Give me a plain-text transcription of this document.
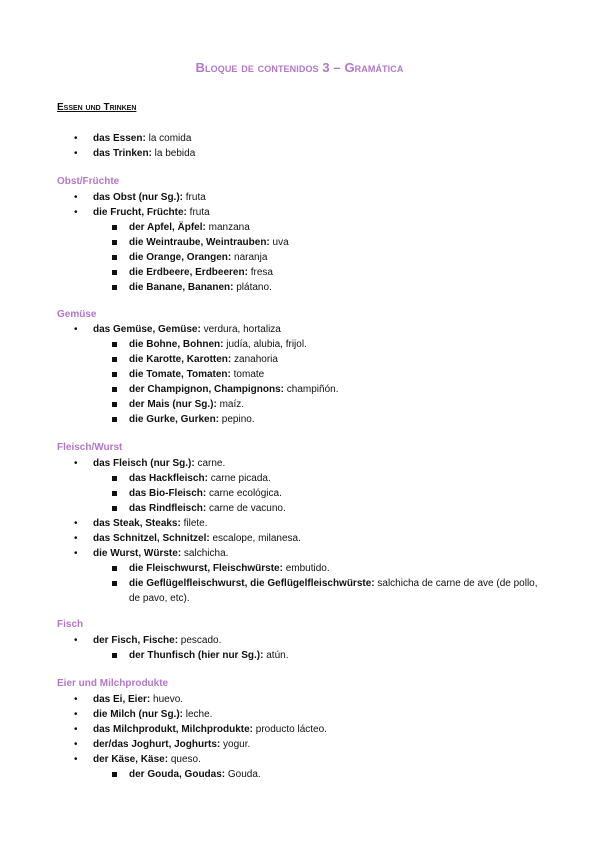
Bloque de contenidos 3 – Gramática
Essen und Trinken
• das Essen: la comida
• das Trinken: la bebida
Obst/Früchte
• das Obst (nur Sg.): fruta
• die Frucht, Früchte: fruta
der Apfel, Äpfel: manzana
die Weintraube, Weintrauben: uva
die Orange, Orangen: naranja
die Erdbeere, Erdbeeren: fresa
die Banane, Bananen: plátano.
Gemüse
• das Gemüse, Gemüse: verdura, hortaliza
die Bohne, Bohnen: judía, alubia, frijol.
die Karotte, Karotten: zanahoria
die Tomate, Tomaten: tomate
der Champignon, Champignons: champiñón.
der Mais (nur Sg.): maíz.
die Gurke, Gurken: pepino.
Fleisch/Wurst
• das Fleisch (nur Sg.): carne.
das Hackfleisch: carne picada.
das Bio-Fleisch: carne ecológica.
das Rindfleisch: carne de vacuno.
• das Steak, Steaks: filete.
• das Schnitzel, Schnitzel: escalope, milanesa.
• die Wurst, Würste: salchicha.
die Fleischwurst, Fleischwürste: embutido.
die Geflügelfleischwurst, die Geflügelfleischwürste: salchicha de carne de ave (de pollo, de pavo, etc).
Fisch
• der Fisch, Fische: pescado.
der Thunfisch (hier nur Sg.): atún.
Eier und Milchprodukte
• das Ei, Eier: huevo.
• die Milch (nur Sg.): leche.
• das Milchprodukt, Milchprodukte: producto lácteo.
• der/das Joghurt, Joghurts: yogur.
• der Käse, Käse: queso.
der Gouda, Goudas: Gouda.
